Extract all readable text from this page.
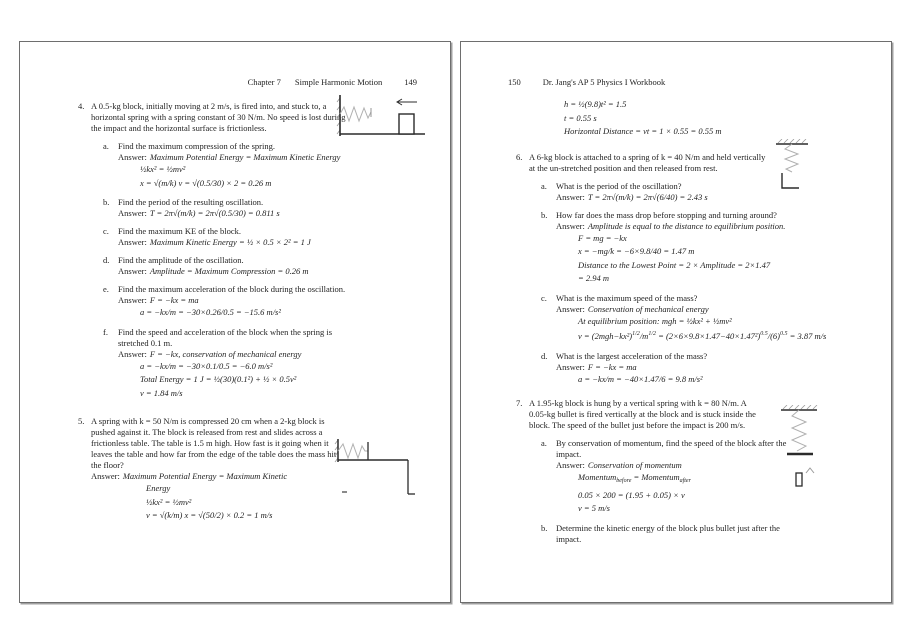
Chapter 7 Simple Harmonic Motion	149
4. A 0.5-kg block, initially moving at 2 m/s, is fired into, and stuck to, a horizontal spring with a spring constant of 30 N/m. No speed is lost during the impact and the horizontal surface is frictionless.
a.	Find the maximum compression of the spring.
Answer: Maximum Potential Energy = Maximum Kinetic Energy
½kx² = ½mv²
x = √(m/k) v = √(0.5/30) × 2 = 0.26 m
b.	Find the period of the resulting oscillation.
Answer: T = 2π√(m/k) = 2π√(0.5/30) = 0.811 s
c.	Find the maximum KE of the block.
Answer: Maximum Kinetic Energy = ½ × 0.5 × 2² = 1 J
d.	Find the amplitude of the oscillation.
Answer: Amplitude = Maximum Compression = 0.26 m
e.	Find the maximum acceleration of the block during the oscillation.
Answer: F = −kx = ma
a = −kx/m = −30×0.26/0.5 = −15.6 m/s²
f.	Find the speed and acceleration of the block when the spring is stretched 0.1 m.
Answer: F = −kx, conservation of mechanical energy
a = −kx/m = −30×0.1/0.5 = −6.0 m/s²
Total Energy = 1 J = ½(30)(0.1²) + ½ × 0.5v²
v = 1.84 m/s
5. A spring with k = 50 N/m is compressed 20 cm when a 2-kg block is pushed against it. The block is released from rest and slides across a frictionless table. The table is 1.5 m high. How fast is it going when it leaves the table and how far from the edge of the table does the mass hit the floor?
Answer: Maximum Potential Energy = Maximum Kinetic
Energy
½kx² = ½mv²
v = √(k/m) x = √(50/2) × 0.2 = 1 m/s
150	Dr. Jang's AP 5 Physics I Workbook
h = ½(9.8)t² = 1.5
t = 0.55 s
Horizontal Distance = vt = 1 × 0.55 = 0.55 m
6. A 6-kg block is attached to a spring of k = 40 N/m and held vertically at the un-stretched position and then released from rest.
a.	What is the period of the oscillation?
Answer: T = 2π√(m/k) = 2π√(6/40) = 2.43 s
b.	How far does the mass drop before stopping and turning around?
Answer: Amplitude is equal to the distance to equilibrium position.
F = mg = −kx
x = −mg/k = −6×9.8/40 = 1.47 m
Distance to the Lowest Point = 2 × Amplitude = 2×1.47
= 2.94 m
c.	What is the maximum speed of the mass?
Answer: Conservation of mechanical energy
At equilibrium position: mgh = ½kx² + ½mv²
$v = (2mgh-kx^2)^{1/2}/m^{1/2} = (2\times 6\times 9.8\times 1.47-40\times 1.47^2)^{0.5}/(6)^{0.5} = 3.87$ m/s
d.	What is the largest acceleration of the mass?
Answer: F = −kx = ma
a = −kx/m = −40×1.47/6 = 9.8 m/s²
7. A 1.95-kg block is hung by a vertical spring with k = 80 N/m. A 0.05-kg bullet is fired vertically at the block and is stuck inside the block. The speed of the bullet just before the impact is 200 m/s.
a.	By conservation of momentum, find the speed of the block after the impact.
Answer: Conservation of momentum
Momentum$_{before}$ = Momentum$_{after}$
0.05 × 200 = (1.95 + 0.05) × v
v = 5 m/s
b.	Determine the kinetic energy of the block plus bullet just after the impact.
